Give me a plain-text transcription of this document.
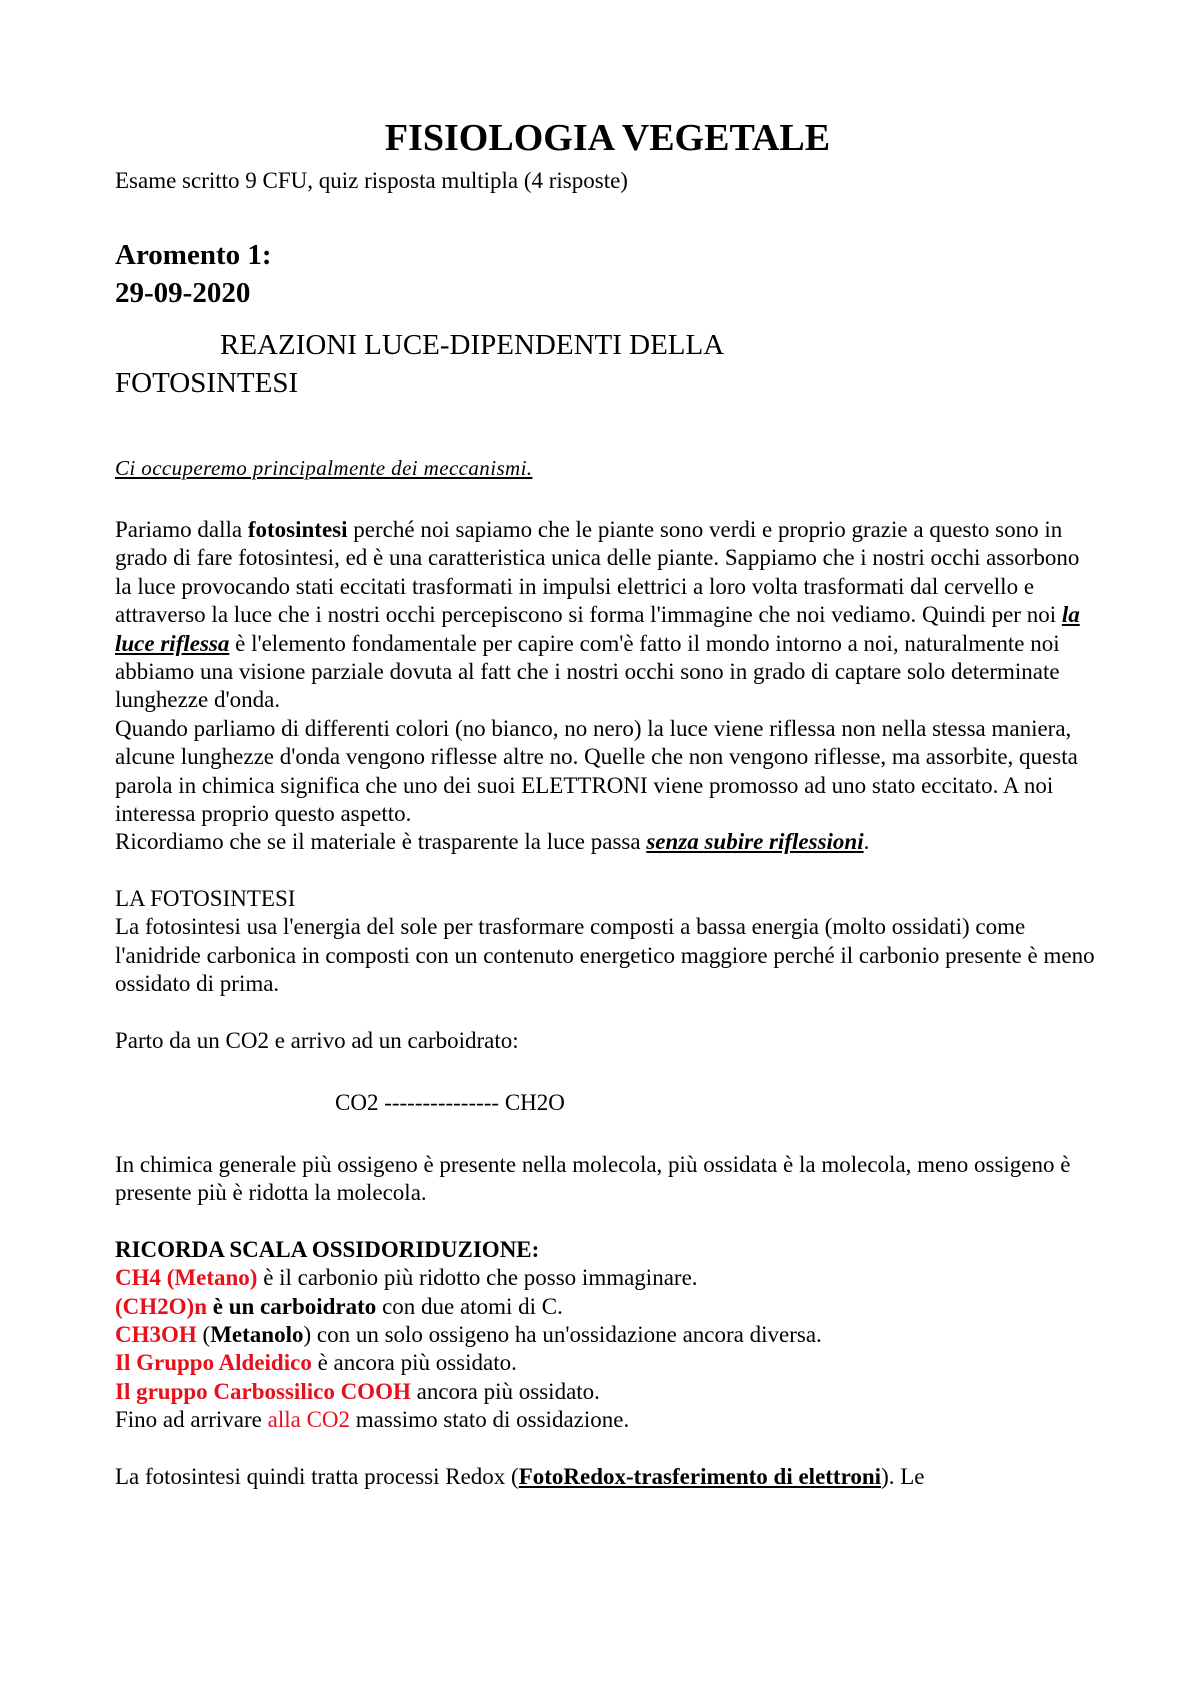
FISIOLOGIA VEGETALE

Esame scritto 9 CFU, quiz risposta multipla (4 risposte)

Aromento 1:

29-09-2020

REAZIONI LUCE-DIPENDENTI DELLA
FOTOSINTESI

Ci occuperemo principalmente dei meccanismi.

Pariamo dalla fotosintesi perché noi sapiamo che le piante sono verdi e proprio grazie a questo sono in grado di fare fotosintesi, ed è una caratteristica unica delle piante. Sappiamo che i nostri occhi assorbono la luce provocando stati eccitati trasformati in impulsi elettrici a loro volta trasformati dal cervello e attraverso la luce che i nostri occhi percepiscono si forma l'immagine che noi vediamo. Quindi per noi la luce riflessa è l'elemento fondamentale per capire com'è fatto il mondo intorno a noi, naturalmente noi abbiamo una visione parziale dovuta al fatt che i nostri occhi sono in grado di captare solo determinate lunghezze d'onda.

Quando parliamo di differenti colori (no bianco, no nero) la luce viene riflessa non nella stessa maniera, alcune lunghezze d'onda vengono riflesse altre no. Quelle che non vengono riflesse, ma assorbite, questa parola in chimica significa che uno dei suoi ELETTRONI viene promosso ad uno stato eccitato. A noi interessa proprio questo aspetto.

Ricordiamo che se il materiale è trasparente la luce passa senza subire riflessioni.

LA FOTOSINTESI

La fotosintesi usa l'energia del sole per trasformare composti a bassa energia (molto ossidati) come l'anidride carbonica in composti con un contenuto energetico maggiore perché il carbonio presente è meno ossidato di prima.

Parto da un CO2 e arrivo ad un carboidrato:

CO2 --------------- CH2O

In chimica generale più ossigeno è presente nella molecola, più ossidata è la molecola, meno ossigeno è presente più è ridotta la molecola.

RICORDA SCALA OSSIDORIDUZIONE:

CH4 (Metano) è il carbonio più ridotto che posso immaginare.

(CH2O)n è un carboidrato con due atomi di C.

CH3OH (Metanolo) con un solo ossigeno ha un'ossidazione ancora diversa.

Il Gruppo Aldeidico è ancora più ossidato.

Il gruppo Carbossilico COOH ancora più ossidato.

Fino ad arrivare alla CO2 massimo stato di ossidazione.

La fotosintesi quindi tratta processi Redox (FotoRedox-trasferimento di elettroni). Le
